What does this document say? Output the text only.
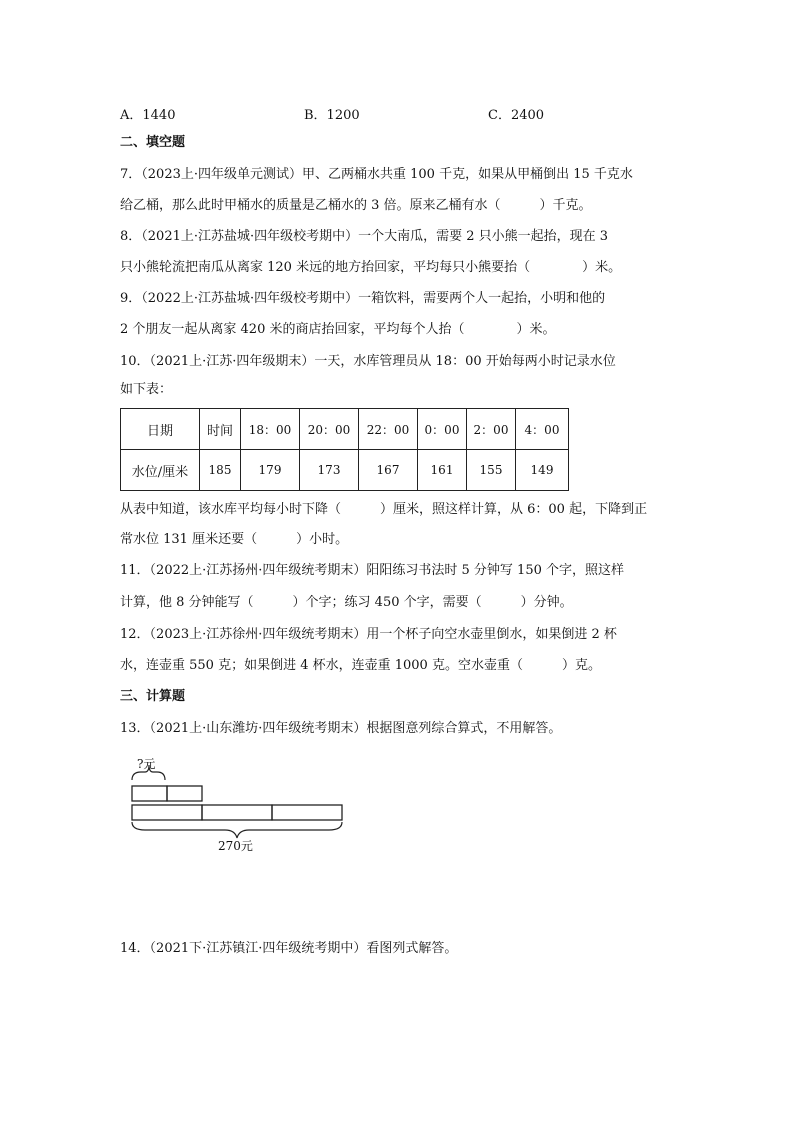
A．1440	B．1200	C．2400
二、填空题
7．（2023上·四年级单元测试）甲、乙两桶水共重 100 千克，如果从甲桶倒出 15 千克水
给乙桶，那么此时甲桶水的质量是乙桶水的 3 倍。原来乙桶有水（　　　）千克。
8．（2021上·江苏盐城·四年级校考期中）一个大南瓜，需要 2 只小熊一起抬，现在 3
只小熊轮流把南瓜从离家 120 米远的地方抬回家，平均每只小熊要抬（　　　　）米。
9．（2022上·江苏盐城·四年级校考期中）一箱饮料，需要两个人一起抬，小明和他的
2 个朋友一起从离家 420 米的商店抬回家，平均每个人抬（　　　　）米。
10．（2021上·江苏·四年级期末）一天，水库管理员从 18：00 开始每两小时记录水位
如下表：
日期	时间	18：00	20：00	22：00	0：00	2：00	4：00
水位/厘米	185	179	173	167	161	155	149
从表中知道，该水库平均每小时下降（　　　）厘米，照这样计算，从 6：00 起，下降到正
常水位 131 厘米还要（　　　）小时。
11．（2022上·江苏扬州·四年级统考期末）阳阳练习书法时 5 分钟写 150 个字，照这样
计算，他 8 分钟能写（　　　）个字；练习 450 个字，需要（　　　）分钟。
12．（2023上·江苏徐州·四年级统考期末）用一个杯子向空水壶里倒水，如果倒进 2 杯
水，连壶重 550 克；如果倒进 4 杯水，连壶重 1000 克。空水壶重（　　　）克。
三、计算题
13．（2021上·山东潍坊·四年级统考期末）根据图意列综合算式，不用解答。
?元
270元
14．（2021下·江苏镇江·四年级统考期中）看图列式解答。
